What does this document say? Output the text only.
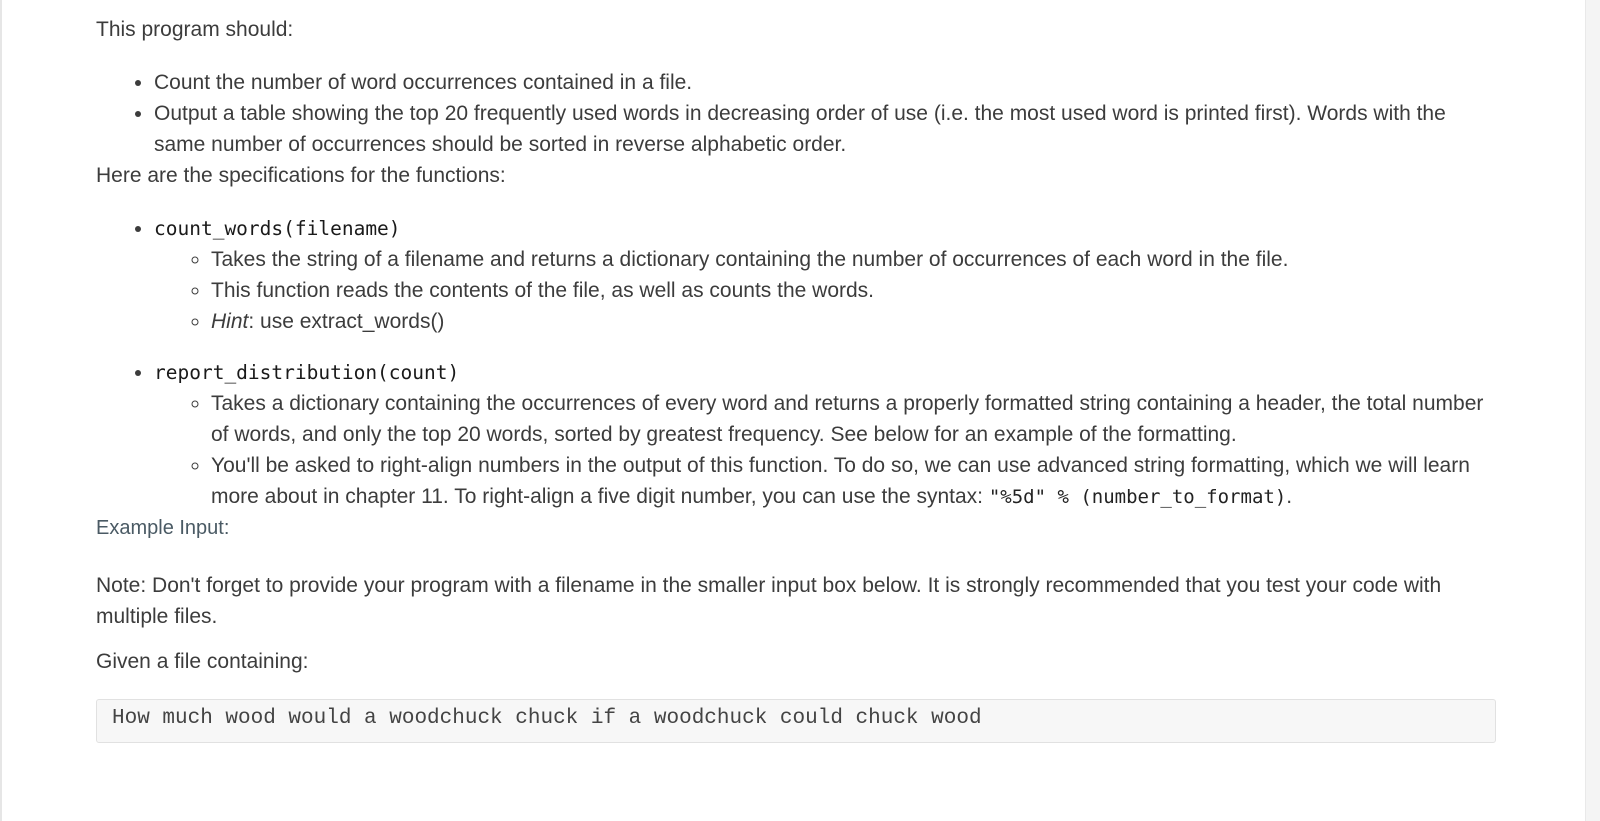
This program should:

• Count the number of word occurrences contained in a file.
• Output a table showing the top 20 frequently used words in decreasing order of use (i.e. the most used word is printed first). Words with the same number of occurrences should be sorted in reverse alphabetic order.

Here are the specifications for the functions:

• count_words(filename)
◦ Takes the string of a filename and returns a dictionary containing the number of occurrences of each word in the file.
◦ This function reads the contents of the file, as well as counts the words.
◦ Hint: use extract_words()
• report_distribution(count)
◦ Takes a dictionary containing the occurrences of every word and returns a properly formatted string containing a header, the total number of words, and only the top 20 words, sorted by greatest frequency. See below for an example of the formatting.
◦ You'll be asked to right-align numbers in the output of this function. To do so, we can use advanced string formatting, which we will learn more about in chapter 11. To right-align a five digit number, you can use the syntax: "%5d" % (number_to_format).
Example Input:

Note: Don't forget to provide your program with a filename in the smaller input box below. It is strongly recommended that you test your code with multiple files.

Given a file containing:

How much wood would a woodchuck chuck if a woodchuck could chuck wood
